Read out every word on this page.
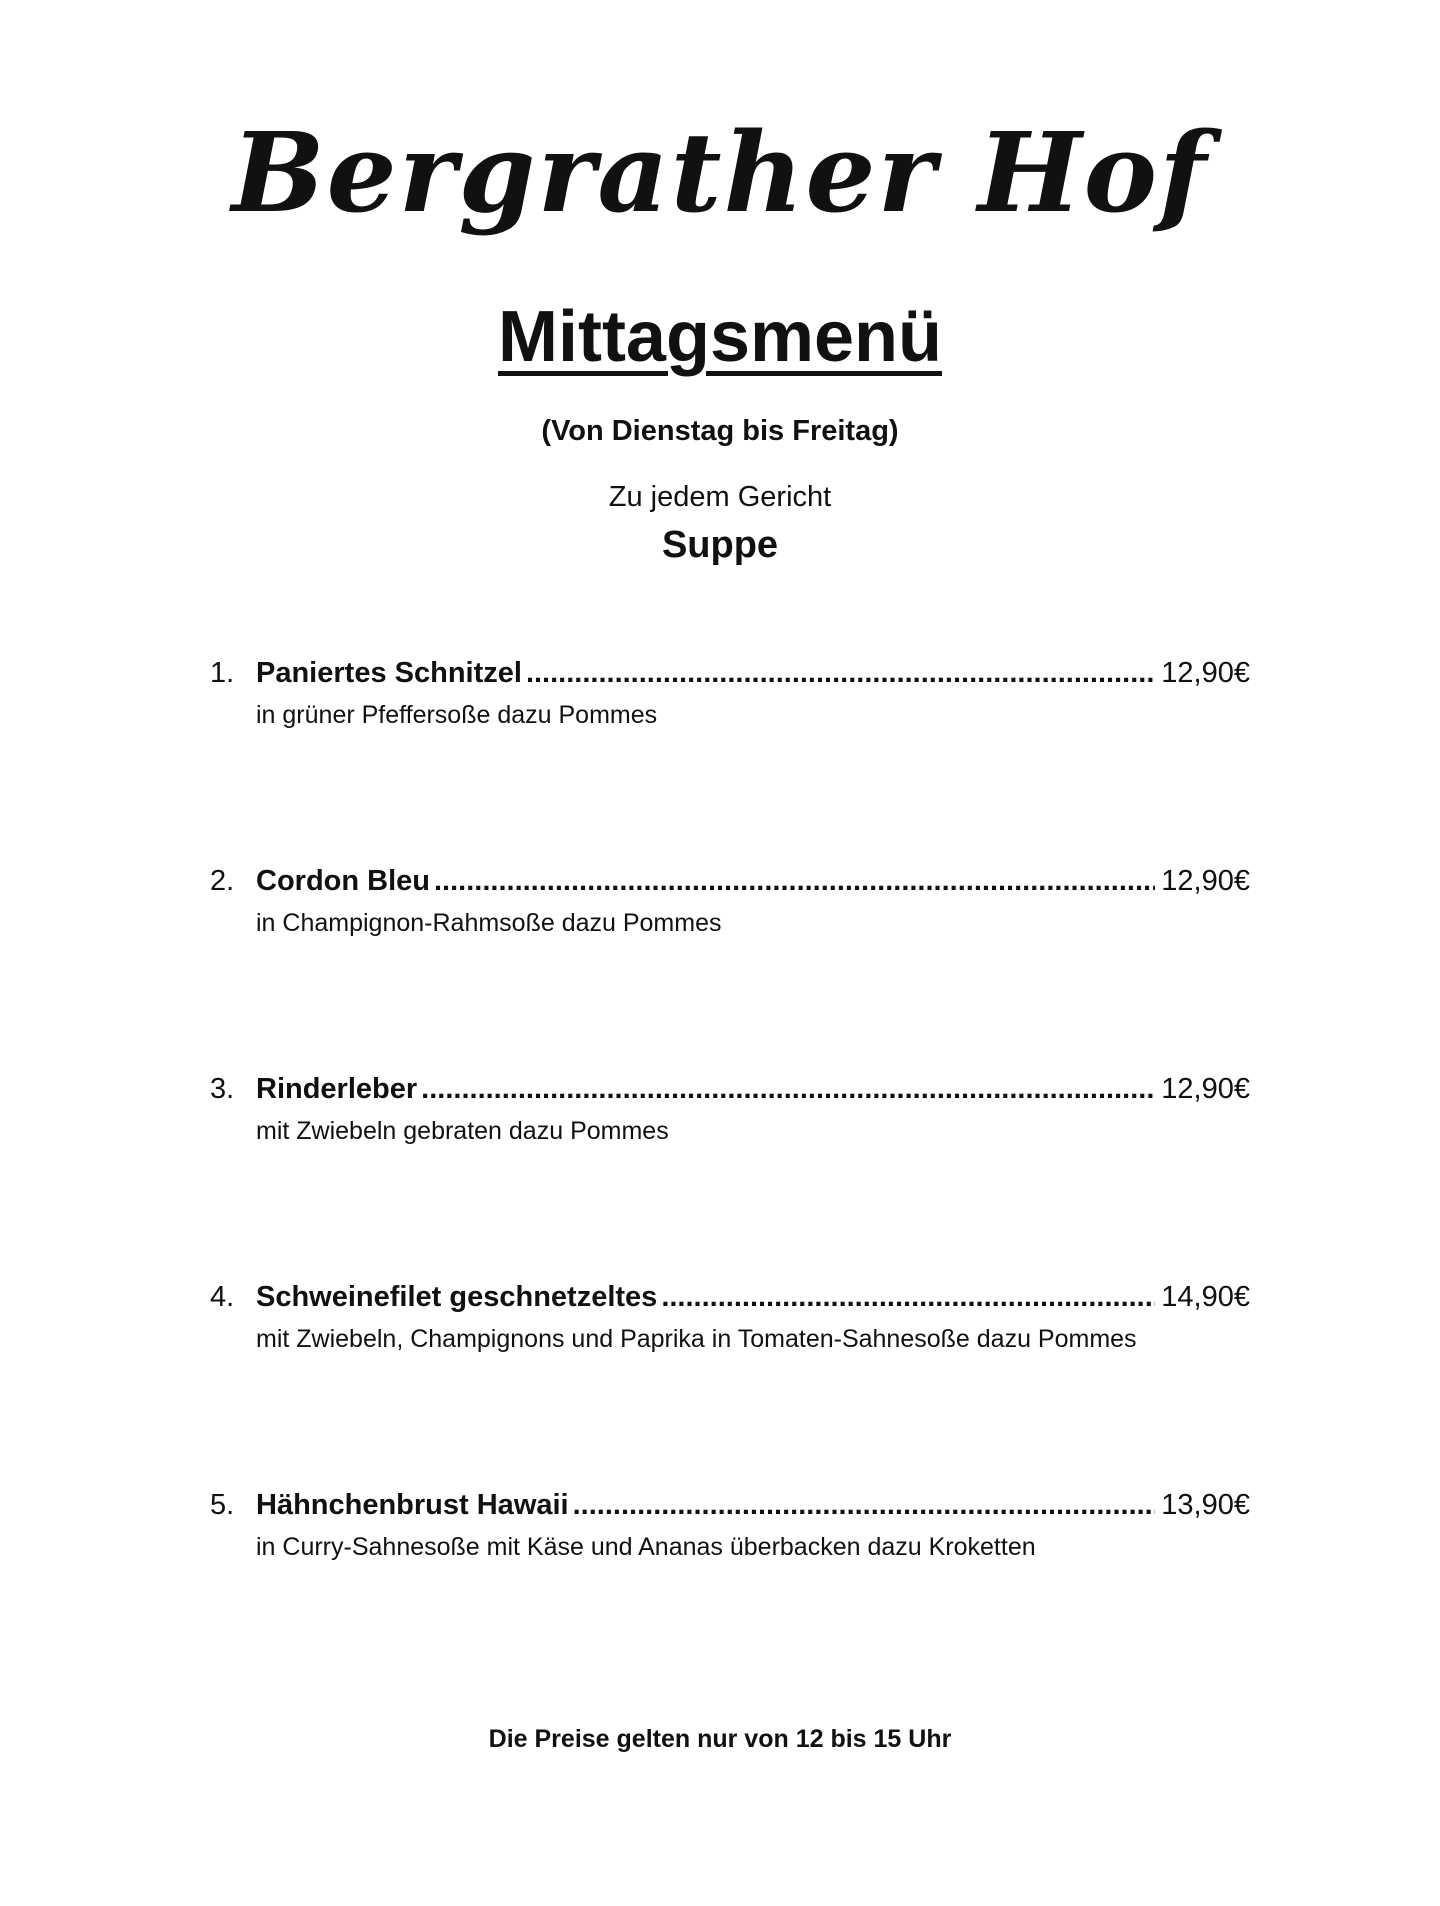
Bergrather Hof
Mittagsmenü
(Von Dienstag bis Freitag)
Zu jedem Gericht
Suppe
1. Paniertes Schnitzel .....	12,90€
in grüner Pfeffersoße dazu Pommes
2. Cordon Bleu .....	12,90€
in Champignon-Rahmsoße dazu Pommes
3. Rinderleber .....	12,90€
mit Zwiebeln gebraten dazu Pommes
4. Schweinefilet geschnetzeltes .....	14,90€
mit Zwiebeln, Champignons und Paprika in Tomaten-Sahnesoße dazu Pommes
5. Hähnchenbrust Hawaii .....	13,90€
in Curry-Sahnesoße mit Käse und Ananas überbacken dazu Kroketten
Die Preise gelten nur von 12 bis 15 Uhr
